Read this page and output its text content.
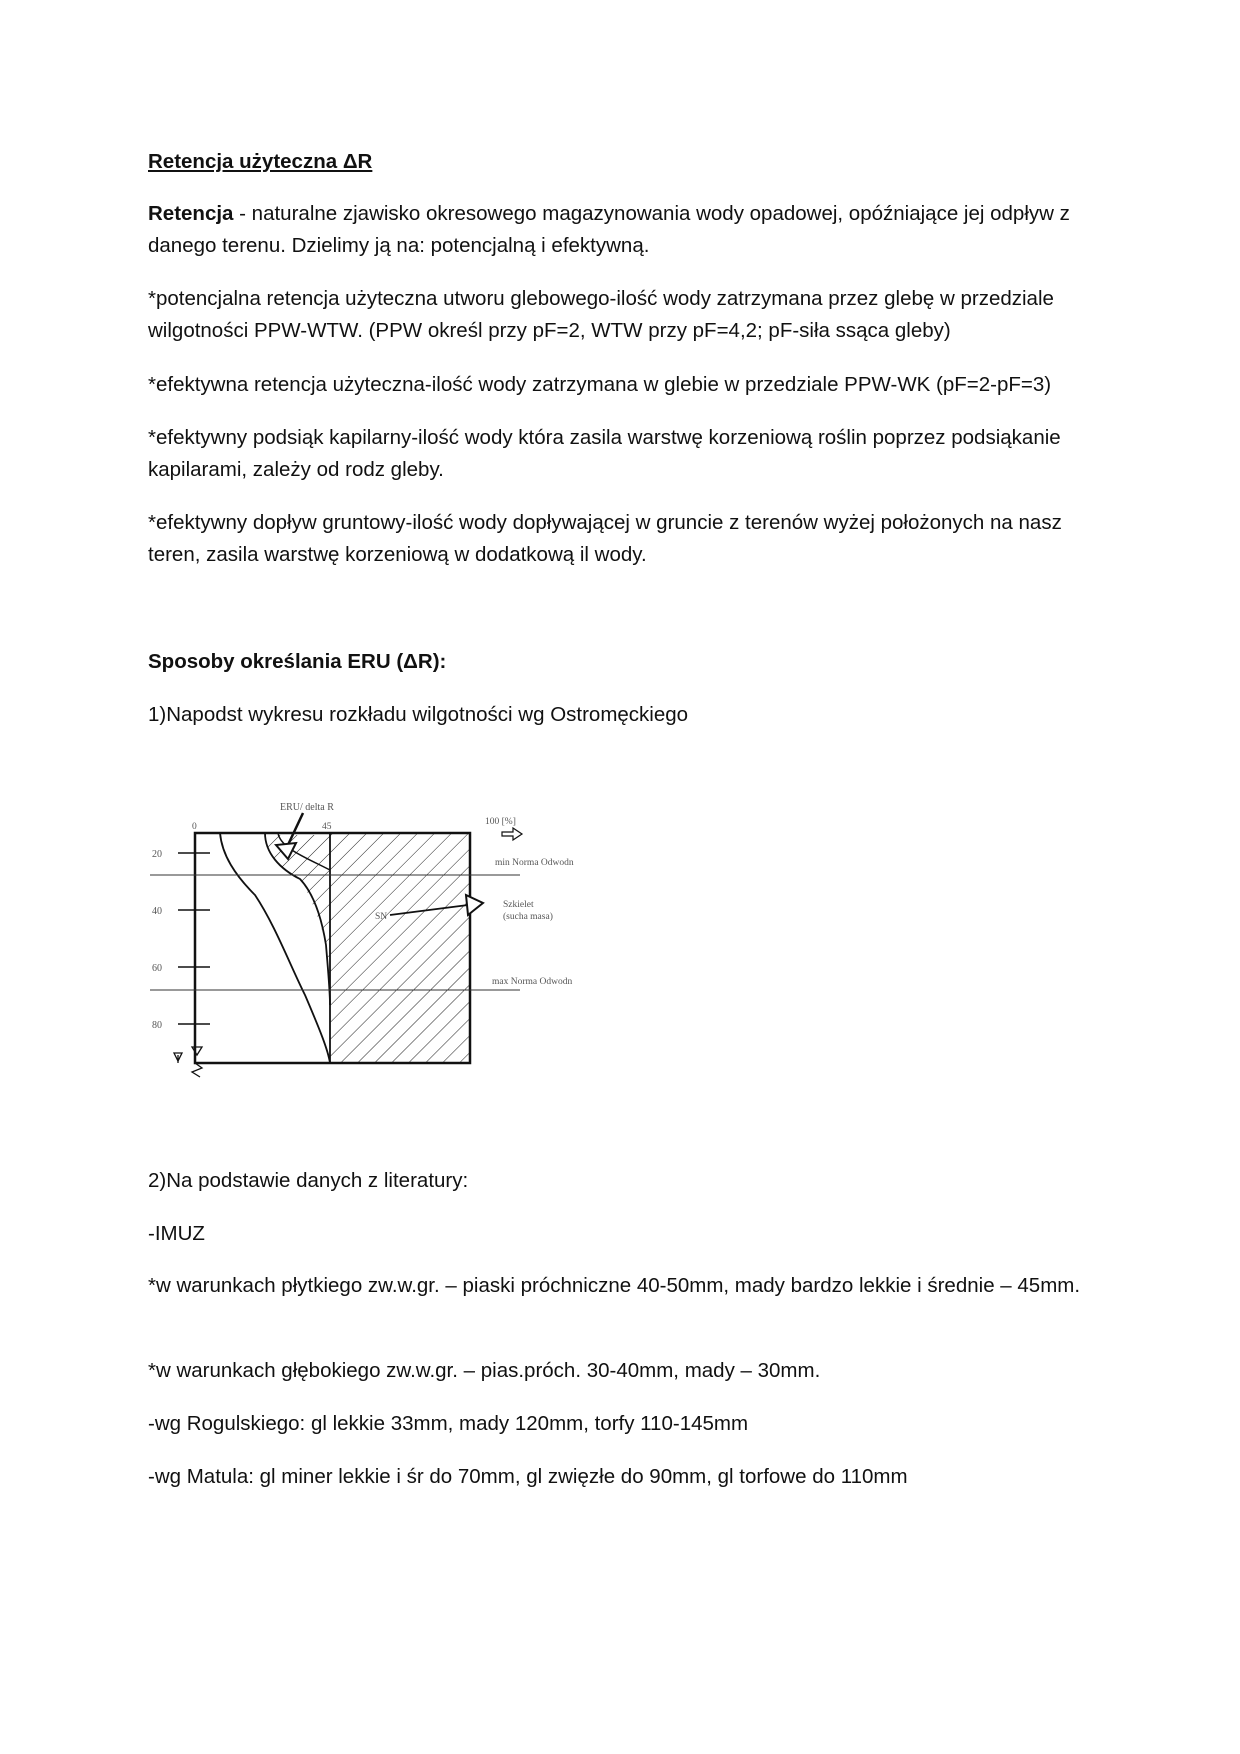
Retencja użyteczna ΔR

Retencja - naturalne zjawisko okresowego magazynowania wody opadowej, opóźniające jej odpływ z danego terenu. Dzielimy ją na: potencjalną i efektywną.

*potencjalna retencja użyteczna utworu glebowego-ilość wody zatrzymana przez glebę w przedziale wilgotności PPW-WTW. (PPW określ przy pF=2, WTW przy pF=4,2; pF-siła ssąca gleby)

*efektywna retencja użyteczna-ilość wody zatrzymana w glebie w przedziale PPW-WK (pF=2-pF=3)

*efektywny podsiąk kapilarny-ilość wody która zasila warstwę korzeniową roślin poprzez podsiąkanie kapilarami, zależy od rodz gleby.

*efektywny dopływ gruntowy-ilość wody dopływającej w gruncie z terenów wyżej położonych na nasz teren, zasila warstwę korzeniową w dodatkową il wody.

Sposoby określania ERU (ΔR):

1)Napodst wykresu rozkładu wilgotności wg Ostromęckiego

20
40
60
80
min Norma Odwodn
max Norma Odwodn
0	45	100 [%]
ERU/ delta R
SN
Szkielet
(sucha masa)

2)Na podstawie danych z literatury:

-IMUZ

*w warunkach płytkiego zw.w.gr. – piaski próchniczne 40-50mm, mady bardzo lekkie i średnie – 45mm.

*w warunkach głębokiego zw.w.gr. – pias.próch. 30-40mm, mady – 30mm.

-wg Rogulskiego: gl lekkie 33mm, mady 120mm, torfy 110-145mm

-wg Matula: gl miner lekkie i śr do 70mm, gl zwięzłe do 90mm, gl torfowe do 110mm
